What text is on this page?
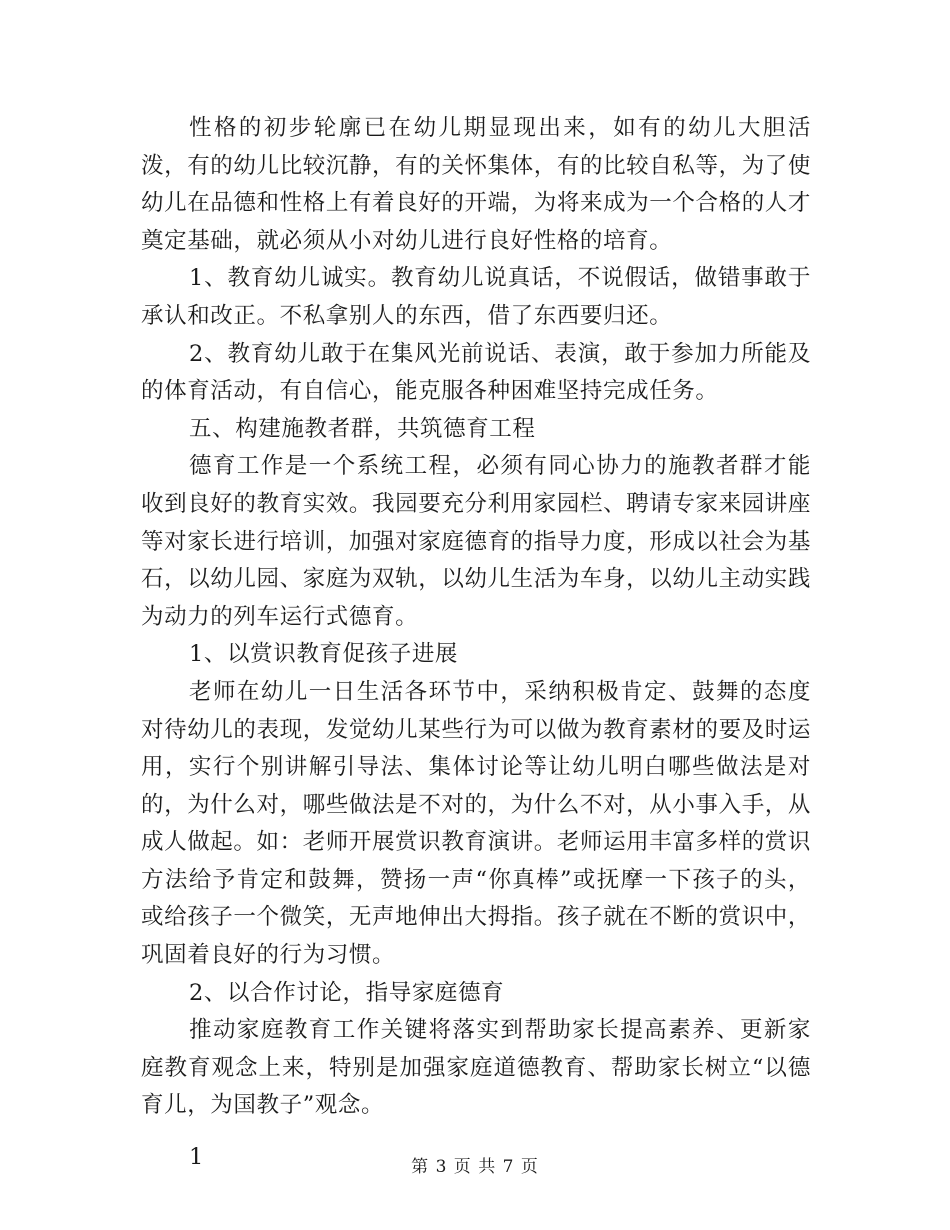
性格的初步轮廓已在幼儿期显现出来，如有的幼儿大胆活泼，有的幼儿比较沉静，有的关怀集体，有的比较自私等，为了使幼儿在品德和性格上有着良好的开端，为将来成为一个合格的人才奠定基础，就必须从小对幼儿进行良好性格的培育。

1、教育幼儿诚实。教育幼儿说真话，不说假话，做错事敢于承认和改正。不私拿别人的东西，借了东西要归还。

2、教育幼儿敢于在集风光前说话、表演，敢于参加力所能及的体育活动，有自信心，能克服各种困难坚持完成任务。

五、构建施教者群，共筑德育工程

德育工作是一个系统工程，必须有同心协力的施教者群才能收到良好的教育实效。我园要充分利用家园栏、聘请专家来园讲座等对家长进行培训，加强对家庭德育的指导力度，形成以社会为基石，以幼儿园、家庭为双轨，以幼儿生活为车身，以幼儿主动实践为动力的列车运行式德育。

1、以赏识教育促孩子进展

老师在幼儿一日生活各环节中，采纳积极肯定、鼓舞的态度对待幼儿的表现，发觉幼儿某些行为可以做为教育素材的要及时运用，实行个别讲解引导法、集体讨论等让幼儿明白哪些做法是对的，为什么对，哪些做法是不对的，为什么不对，从小事入手，从成人做起。如：老师开展赏识教育演讲。老师运用丰富多样的赏识方法给予肯定和鼓舞，赞扬一声“你真棒”或抚摩一下孩子的头，或给孩子一个微笑，无声地伸出大拇指。孩子就在不断的赏识中，巩固着良好的行为习惯。

2、以合作讨论，指导家庭德育

推动家庭教育工作关键将落实到帮助家长提高素养、更新家庭教育观念上来，特别是加强家庭道德教育、帮助家长树立“以德育儿，为国教子”观念。

1	第 3 页 共 7 页
